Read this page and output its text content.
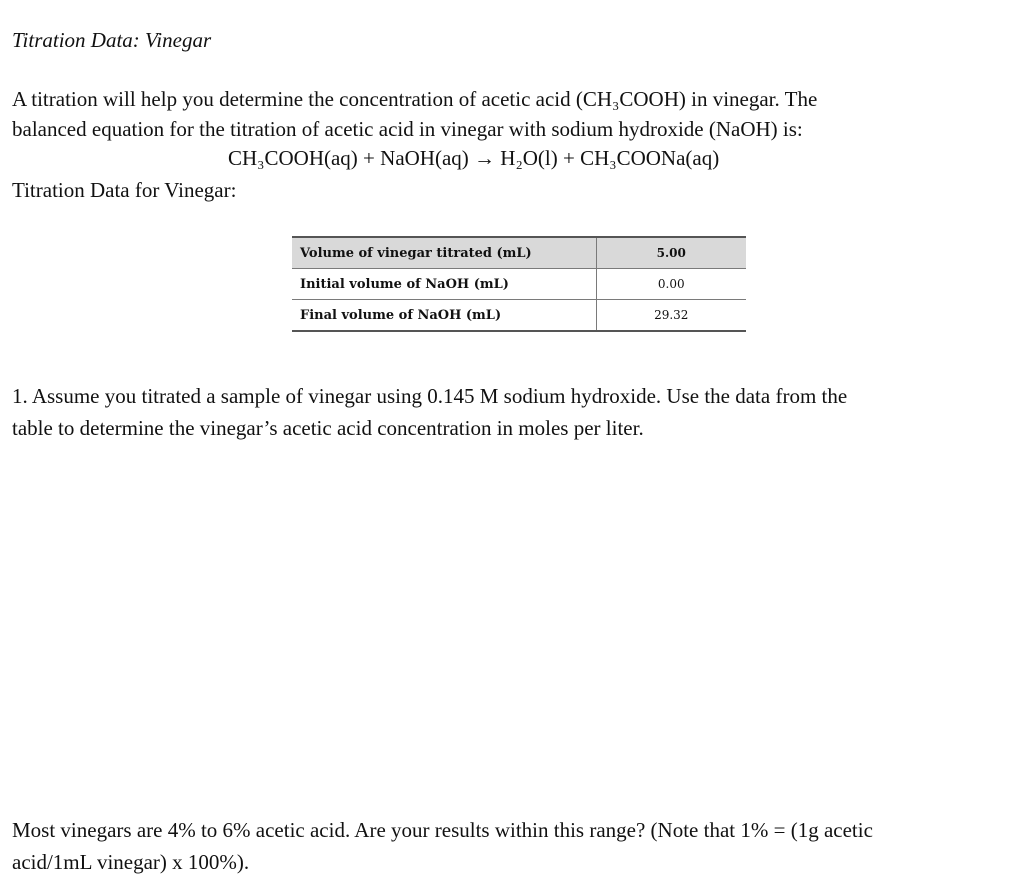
Titration Data: Vinegar
A titration will help you determine the concentration of acetic acid (CH₃COOH) in vinegar. The
balanced equation for the titration of acetic acid in vinegar with sodium hydroxide (NaOH) is:
CH₃COOH(aq) + NaOH(aq) → H₂O(l) + CH₃COONa(aq)
Titration Data for Vinegar:
Volume of vinegar titrated (mL)	5.00
Initial volume of NaOH (mL)	0.00
Final volume of NaOH (mL)	29.32
1. Assume you titrated a sample of vinegar using 0.145 M sodium hydroxide. Use the data from the
table to determine the vinegar’s acetic acid concentration in moles per liter.
Most vinegars are 4% to 6% acetic acid. Are your results within this range? (Note that 1% = (1g acetic
acid/1mL vinegar) x 100%).
